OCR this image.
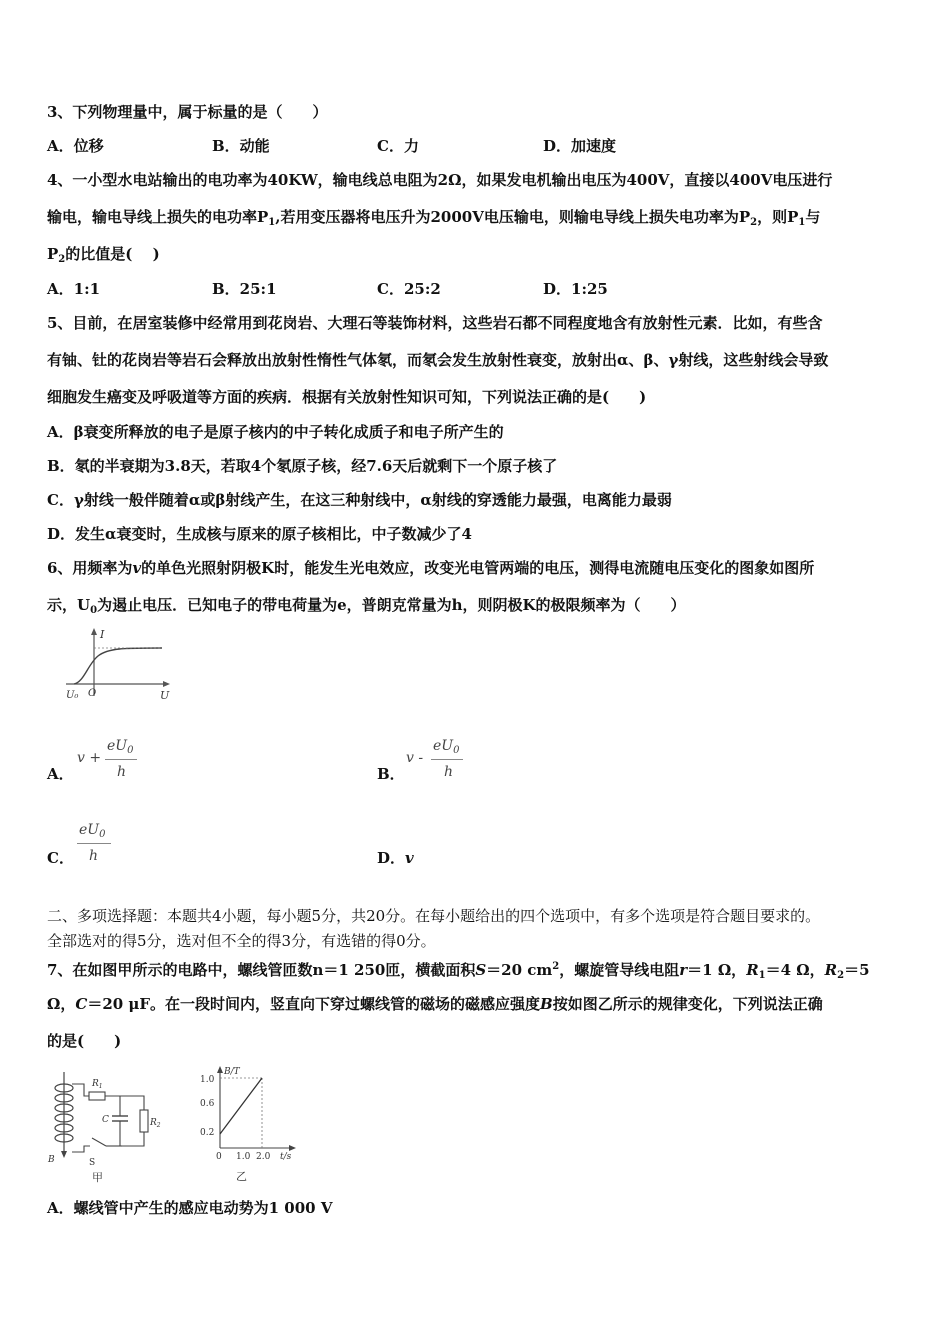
3、下列物理量中，属于标量的是（　　）
A．位移	B．动能	C．力	D．加速度
4、一小型水电站输出的电功率为40KW，输电线总电阻为2Ω，如果发电机输出电压为400V，直接以400V电压进行
输电，输电导线上损失的电功率$P_1$,若用变压器将电压升为2000V电压输电，则输电导线上损失电功率为$P_2$，则$P_1$与
$P_2$的比值是(　 )
A．1:1	B．25:1	C．25:2	D．1:25
5、目前，在居室装修中经常用到花岗岩、大理石等装饰材料，这些岩石都不同程度地含有放射性元素．比如，有些含
有铀、钍的花岗岩等岩石会释放出放射性惰性气体氡，而氡会发生放射性衰变，放射出α、β、γ射线，这些射线会导致
细胞发生癌变及呼吸道等方面的疾病．根据有关放射性知识可知，下列说法正确的是(　　)
A．β衰变所释放的电子是原子核内的中子转化成质子和电子所产生的
B．氡的半衰期为3.8天，若取4个氡原子核，经7.6天后就剩下一个原子核了
C．γ射线一般伴随着α或β射线产生，在这三种射线中，α射线的穿透能力最强，电离能力最弱
D．发生α衰变时，生成核与原来的原子核相比，中子数减少了4
6、用频率为v的单色光照射阴极K时，能发生光电效应，改变光电管两端的电压，测得电流随电压变化的图象如图所
示，$U_0$为遏止电压．已知电子的带电荷量为e，普朗克常量为h，则阴极K的极限频率为（　　）
I
U
U₀ O
A．
v +
$eU_0$
h	B．
v -
$eU_0$
h
C．
$eU_0$
h	D．v
二、多项选择题：本题共4小题，每小题5分，共20分。在每小题给出的四个选项中，有多个选项是符合题目要求的。
全部选对的得5分，选对但不全的得3分，有选错的得0分。
7、在如图甲所示的电路中，螺线管匝数n＝1 250匝，横截面积S＝20 $cm^2$，螺旋管导线电阻r＝1 Ω，$R_1=4$ Ω，$R_2=5$
Ω，C＝20 μF。在一段时间内，竖直向下穿过螺线管的磁场的磁感应强度B按如图乙所示的规律变化，下列说法正确
的是(　　)
$R_1$
$R_2$
C
S
B
甲
B/T
t/s
1.0
0.6
0.2
0 1.0 2.0
乙
A．螺线管中产生的感应电动势为1 000 V
